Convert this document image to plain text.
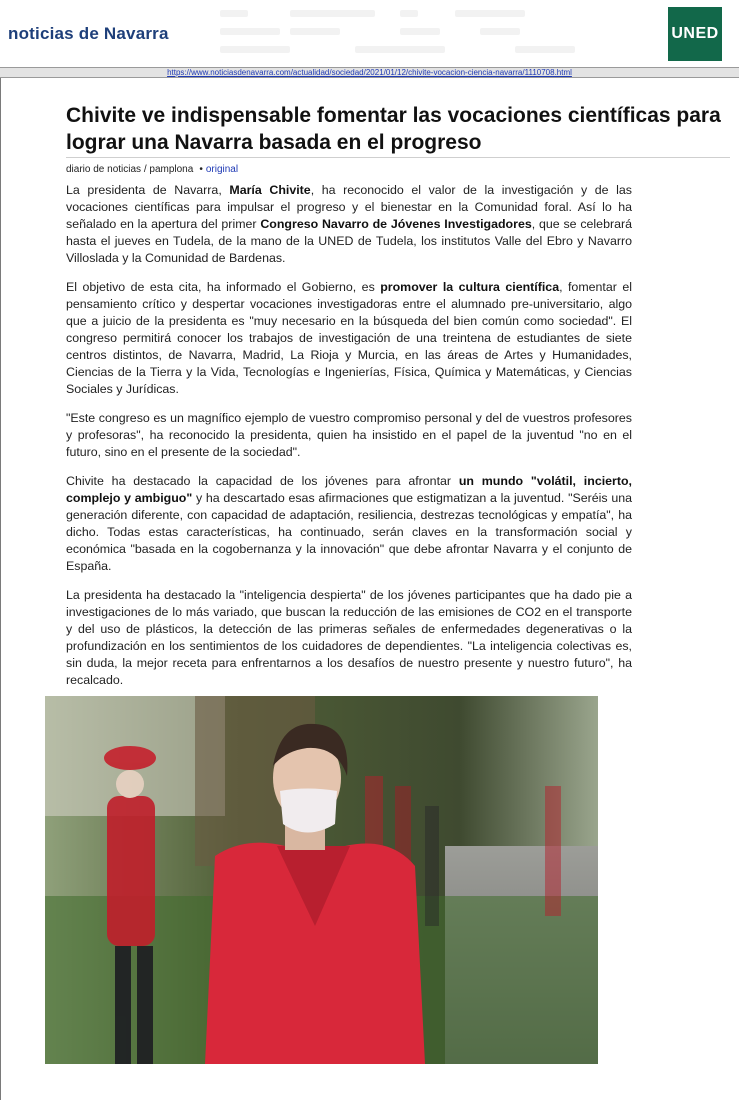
noticias de Navarra	UNED
https://www.noticiasdenavarra.com/actualidad/sociedad/2021/01/12/chivite-vocacion-ciencia-navarra/1110708.html
Chivite ve indispensable fomentar las vocaciones científicas para lograr una Navarra basada en el progreso
diario de noticias / pamplona • original

La presidenta de Navarra, María Chivite, ha reconocido el valor de la investigación y de las vocaciones científicas para impulsar el progreso y el bienestar en la Comunidad foral. Así lo ha señalado en la apertura del primer Congreso Navarro de Jóvenes Investigadores, que se celebrará hasta el jueves en Tudela, de la mano de la UNED de Tudela, los institutos Valle del Ebro y Navarro Villoslada y la Comunidad de Bardenas.

El objetivo de esta cita, ha informado el Gobierno, es promover la cultura científica, fomentar el pensamiento crítico y despertar vocaciones investigadoras entre el alumnado pre-universitario, algo que a juicio de la presidenta es "muy necesario en la búsqueda del bien común como sociedad". El congreso permitirá conocer los trabajos de investigación de una treintena de estudiantes de siete centros distintos, de Navarra, Madrid, La Rioja y Murcia, en las áreas de Artes y Humanidades, Ciencias de la Tierra y la Vida, Tecnologías e Ingenierías, Física, Química y Matemáticas, y Ciencias Sociales y Jurídicas.

"Este congreso es un magnífico ejemplo de vuestro compromiso personal y del de vuestros profesores y profesoras", ha reconocido la presidenta, quien ha insistido en el papel de la juventud "no en el futuro, sino en el presente de la sociedad".

Chivite ha destacado la capacidad de los jóvenes para afrontar un mundo "volátil, incierto, complejo y ambiguo" y ha descartado esas afirmaciones que estigmatizan a la juventud. "Seréis una generación diferente, con capacidad de adaptación, resiliencia, destrezas tecnológicas y empatía", ha dicho. Todas estas características, ha continuado, serán claves en la transformación social y económica "basada en la cogobernanza y la innovación" que debe afrontar Navarra y el conjunto de España.

La presidenta ha destacado la "inteligencia despierta" de los jóvenes participantes que ha dado pie a investigaciones de lo más variado, que buscan la reducción de las emisiones de CO2 en el transporte y del uso de plásticos, la detección de las primeras señales de enfermedades degenerativas o la profundización en los sentimientos de los cuidadores de dependientes. "La inteligencia colectivas es, sin duda, la mejor receta para enfrentarnos a los desafíos de nuestro presente y nuestro futuro", ha recalcado.
